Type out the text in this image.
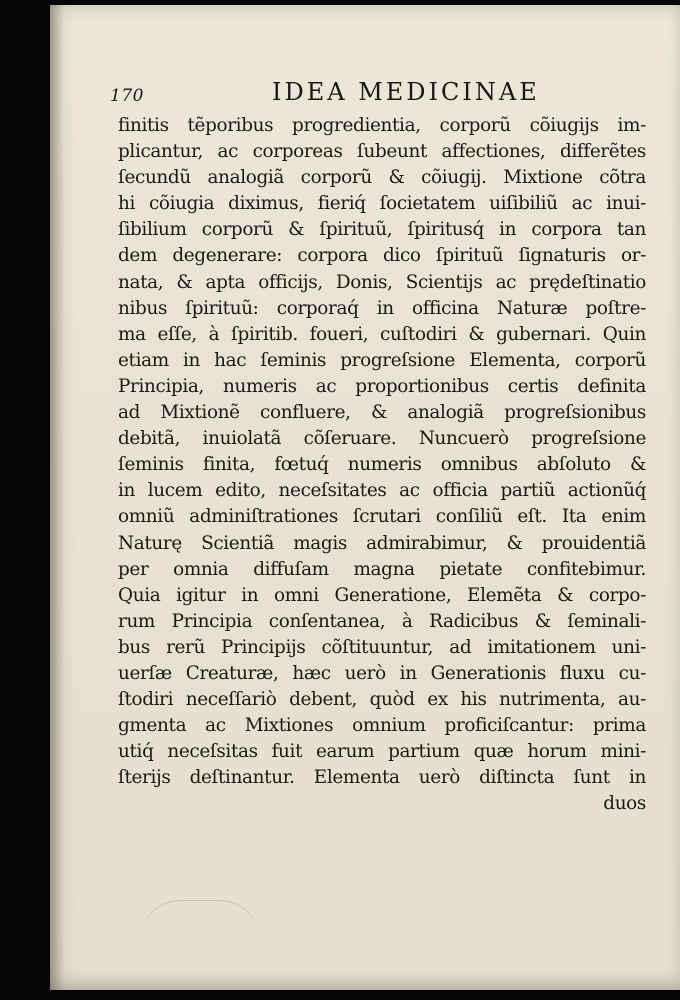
170	IDEA MEDICINAE
finitis tẽporibus progredientia, corporũ cõiugijs im-
plicantur, ac corporeas ſubeunt affectiones, differẽtes
ſecundũ analogiã corporũ & cõiugij. Mixtione cõtra
hi cõiugia diximus, fieriq́ ſocietatem uiſibiliũ ac inui-
ſibilium corporũ & ſpirituũ, ſpiritusq́ in corpora tan
dem degenerare: corpora dico ſpirituũ ſignaturis or-
nata, & apta officijs, Donis, Scientijs ac prędeſtinatio
nibus ſpirituũ: corporaq́ in officina Naturæ poſtre-
ma eſſe, à ſpiritib. foueri, cuſtodiri & gubernari. Quin
etiam in hac ſeminis progreſsione Elementa, corporũ
Principia, numeris ac proportionibus certis definita
ad Mixtionẽ confluere, & analogiã progreſsionibus
debitã, inuiolatã cõſeruare. Nuncuerò progreſsione
ſeminis finita, fœtuq́ numeris omnibus abſoluto &
in lucem edito, neceſsitates ac officia partiũ actionũq́
omniũ adminiſtrationes ſcrutari conſiliũ eſt. Ita enim
Naturę Scientiã magis admirabimur, & prouidentiã
per omnia diffuſam magna pietate confitebimur.
Quia igitur in omni Generatione, Elemẽta & corpo-
rum Principia conſentanea, à Radicibus & ſeminali-
bus rerũ Principijs cõſtituuntur, ad imitationem uni-
uerſæ Creaturæ, hæc uerò in Generationis fluxu cu-
ſtodiri neceſſariò debent, quòd ex his nutrimenta, au-
gmenta ac Mixtiones omnium proficiſcantur: prima
utiq́ neceſsitas fuit earum partium quæ horum mini-
ſterijs deſtinantur. Elementa uerò diſtincta ſunt in
duos
